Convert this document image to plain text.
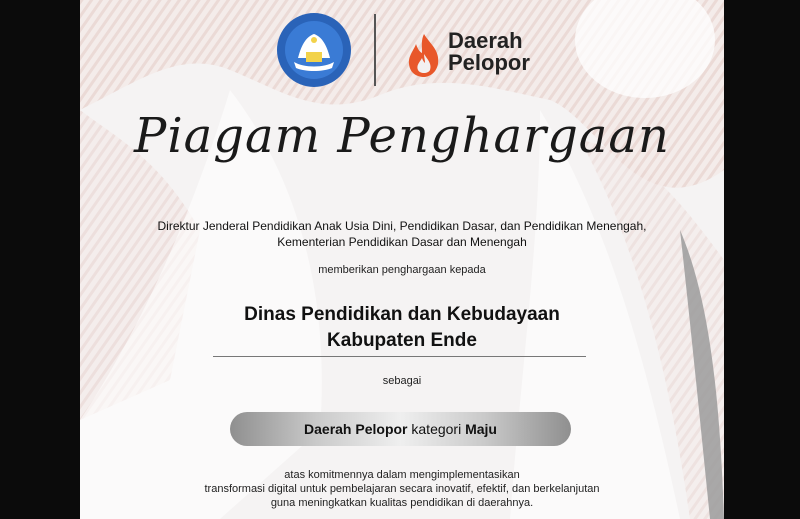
Daerah
Pelopor
Piagam Penghargaan
Direktur Jenderal Pendidikan Anak Usia Dini, Pendidikan Dasar, dan Pendidikan Menengah,
Kementerian Pendidikan Dasar dan Menengah
memberikan penghargaan kepada
Dinas Pendidikan dan Kebudayaan
Kabupaten Ende
sebagai
Daerah Pelopor kategori Maju
atas komitmennya dalam mengimplementasikan
transformasi digital untuk pembelajaran secara inovatif, efektif, dan berkelanjutan
guna meningkatkan kualitas pendidikan di daerahnya.
